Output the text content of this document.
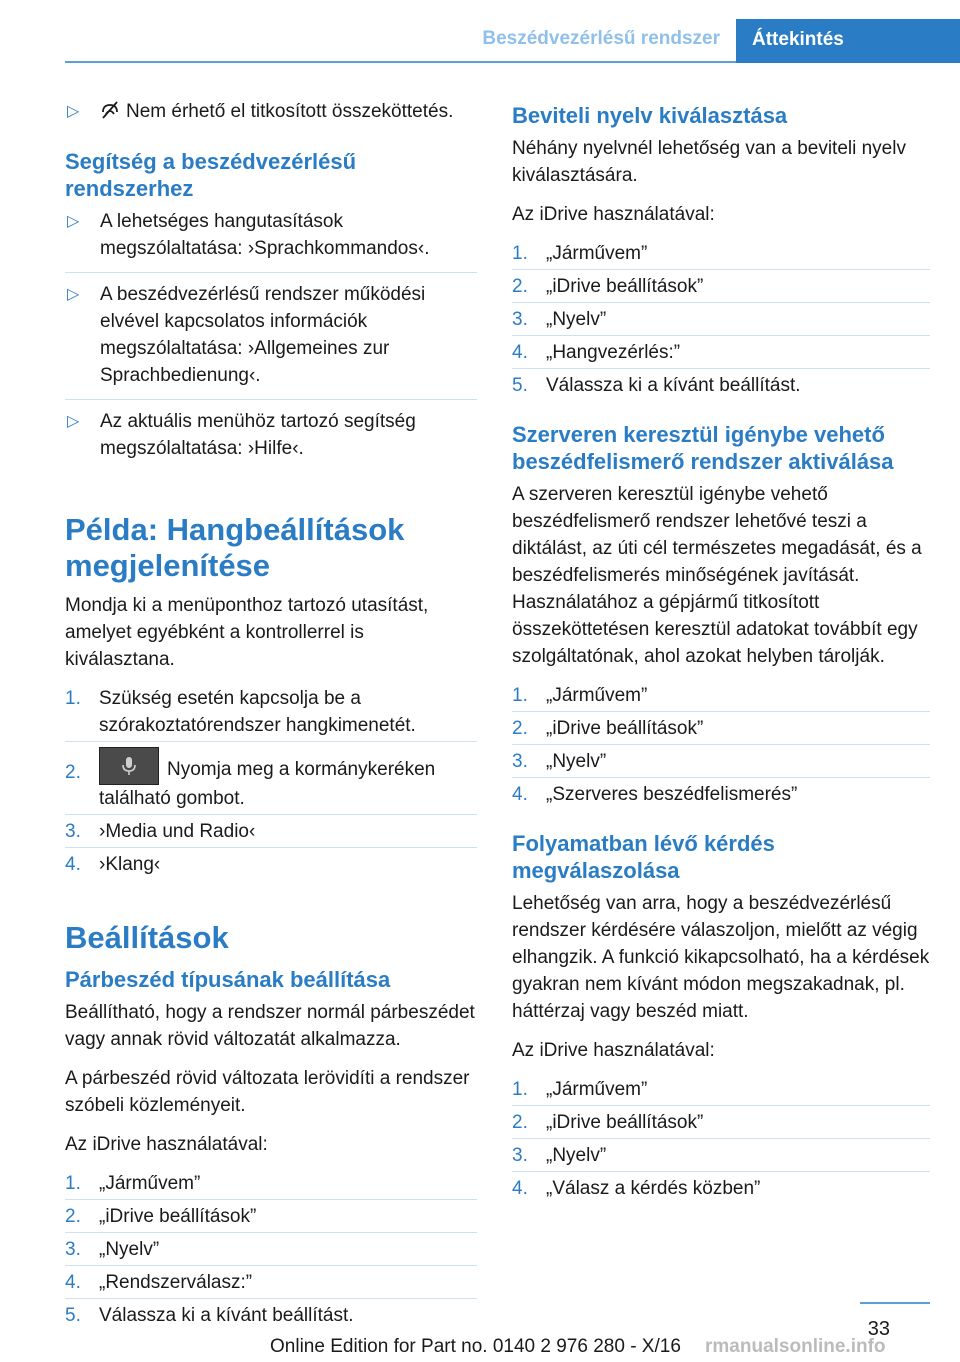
Beszédvezérlésű rendszer	Áttekintés
▷ Nem érhető el titkosított összeköttetés.
Segítség a beszédvezérlésű rendszerhez
▷ A lehetséges hangutasítások megszólaltatása: ›Sprachkommandos‹.
▷ A beszédvezérlésű rendszer működési elvével kapcsolatos információk megszólaltatása: ›Allgemeines zur Sprachbedienung‹.
▷ Az aktuális menühöz tartozó segítség megszólaltatása: ›Hilfe‹.
Példa: Hangbeállítások megjelenítése

Mondja ki a menüponthoz tartozó utasítást, amelyet egyébként a kontrollerrel is kiválasztana.

1. Szükség esetén kapcsolja be a szórakoztatórendszer hangkimenetét.
2.	Nyomja meg a kormánykeréken található gombot.
3. ›Media und Radio‹
4. ›Klang‹
Beállítások
Párbeszéd típusának beállítása

Beállítható, hogy a rendszer normál párbeszédet vagy annak rövid változatát alkalmazza.

A párbeszéd rövid változata lerövidíti a rendszer szóbeli közleményeit.

Az iDrive használatával:

1. „Járművem”
2. „iDrive beállítások”
3. „Nyelv”
4. „Rendszerválasz:”
5. Válassza ki a kívánt beállítást.
Beviteli nyelv kiválasztása

Néhány nyelvnél lehetőség van a beviteli nyelv kiválasztására.

Az iDrive használatával:

1. „Járművem”
2. „iDrive beállítások”
3. „Nyelv”
4. „Hangvezérlés:”
5. Válassza ki a kívánt beállítást.
Szerveren keresztül igénybe vehető beszédfelismerő rendszer aktiválása

A szerveren keresztül igénybe vehető beszédfelismerő rendszer lehetővé teszi a diktálást, az úti cél természetes megadását, és a beszédfelismerés minőségének javítását. Használatához a gépjármű titkosított összeköttetésen keresztül adatokat továbbít egy szolgáltatónak, ahol azokat helyben tárolják.

1. „Járművem”
2. „iDrive beállítások”
3. „Nyelv”
4. „Szerveres beszédfelismerés”
Folyamatban lévő kérdés megválaszolása

Lehetőség van arra, hogy a beszédvezérlésű rendszer kérdésére válaszoljon, mielőtt az végig elhangzik. A funkció kikapcsolható, ha a kérdések gyakran nem kívánt módon megszakadnak, pl. háttérzaj vagy beszéd miatt.

Az iDrive használatával:

1. „Járművem”
2. „iDrive beállítások”
3. „Nyelv”
4. „Válasz a kérdés közben”
33
Online Edition for Part no. 0140 2 976 280 - X/16	rmanualsonline.info
